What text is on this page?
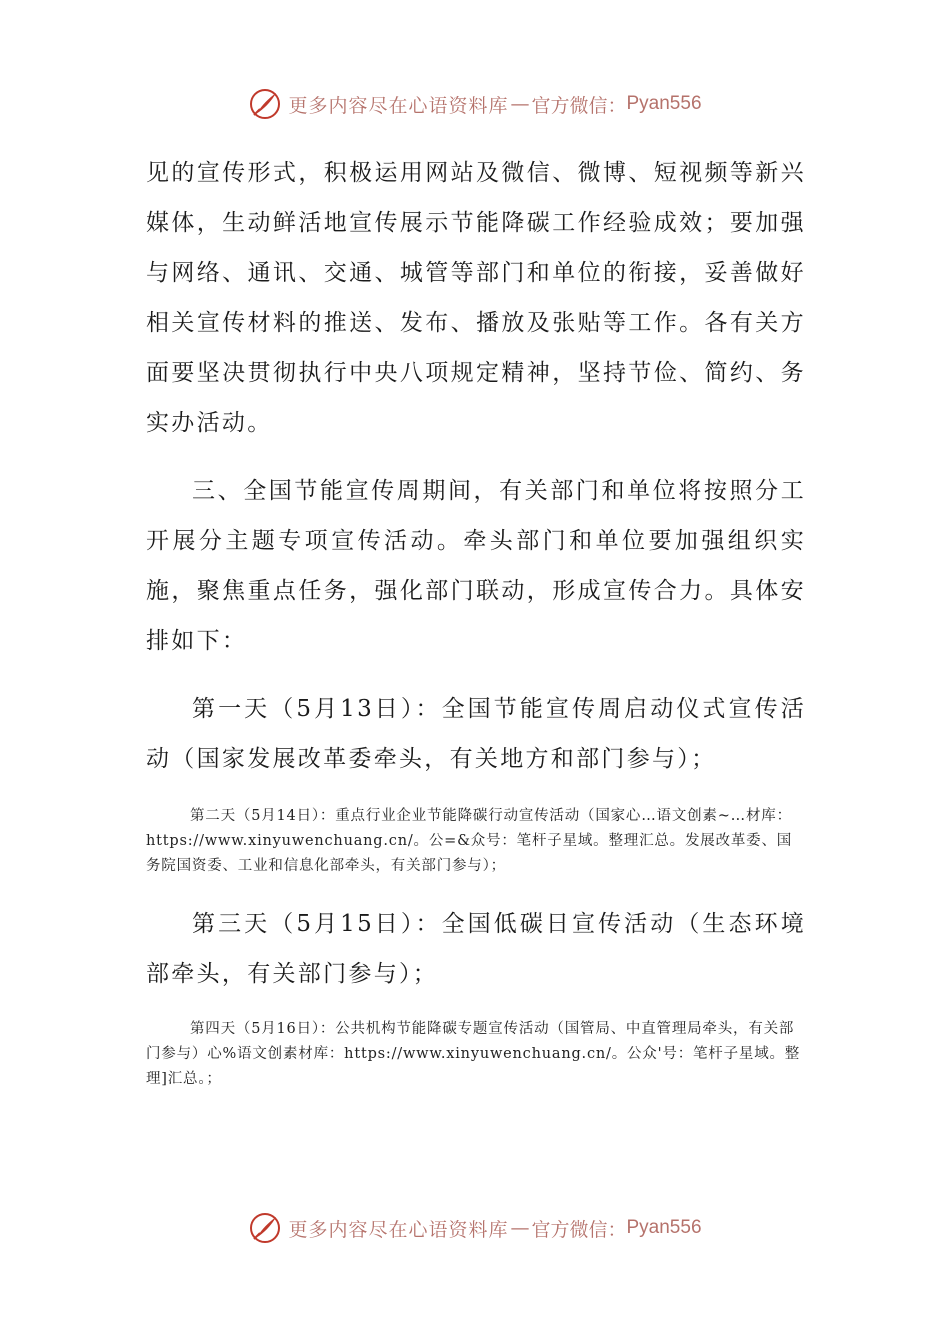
更多内容尽在心语资料库 — 官方微信： Pyan556

见的宣传形式，积极运用网站及微信、微博、短视频等新兴媒体，生动鲜活地宣传展示节能降碳工作经验成效；要加强与网络、通讯、交通、城管等部门和单位的衔接，妥善做好相关宣传材料的推送、发布、播放及张贴等工作。各有关方面要坚决贯彻执行中央八项规定精神，坚持节俭、简约、务实办活动。

三、全国节能宣传周期间，有关部门和单位将按照分工开展分主题专项宣传活动。牵头部门和单位要加强组织实施，聚焦重点任务，强化部门联动，形成宣传合力。具体安排如下：

第一天（5月13日）：全国节能宣传周启动仪式宣传活动（国家发展改革委牵头，有关地方和部门参与）；

第二天（5月14日）：重点行业企业节能降碳行动宣传活动（国家心…语文创素~…材库：https://www.xinyuwenchuang.cn/。公=&众号：笔杆子星域。整理汇总。发展改革委、国务院国资委、工业和信息化部牵头，有关部门参与）；

第三天（5月15日）：全国低碳日宣传活动（生态环境部牵头，有关部门参与）；

第四天（5月16日）：公共机构节能降碳专题宣传活动（国管局、中直管理局牵头，有关部门参与）心%语文创素材库：https://www.xinyuwenchuang.cn/。公众'号：笔杆子星域。整理]汇总。；

更多内容尽在心语资料库 — 官方微信： Pyan556
